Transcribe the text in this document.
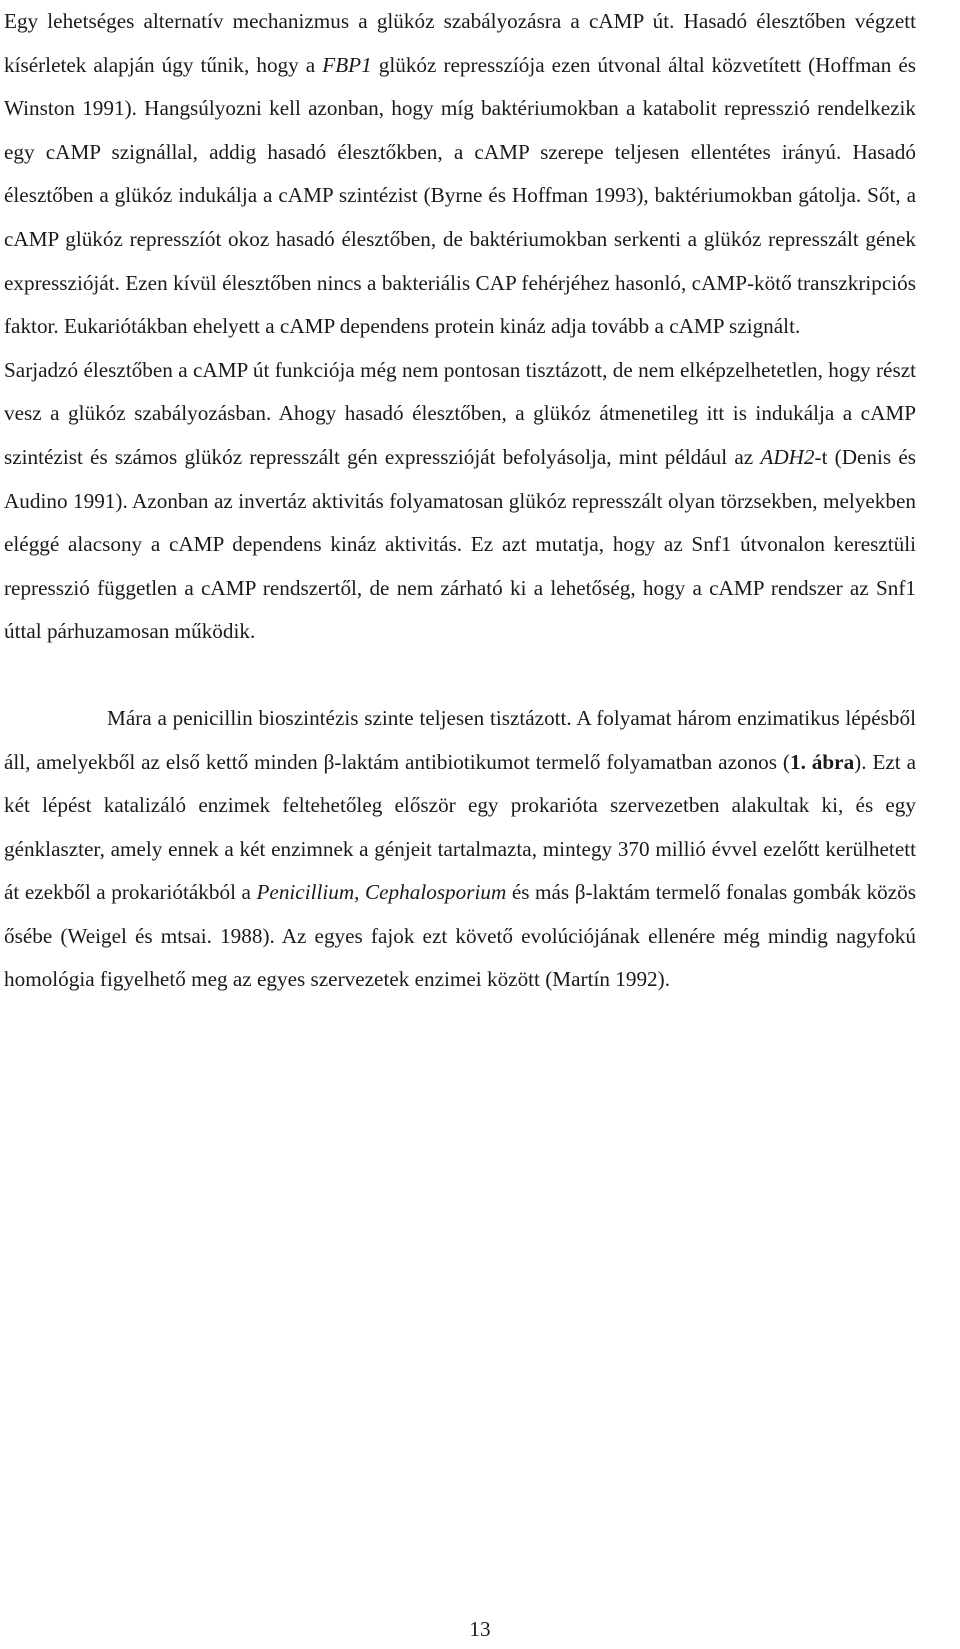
Egy lehetséges alternatív mechanizmus a glükóz szabályozásra a cAMP út. Hasadó élesztőben végzett kísérletek alapján úgy tűnik, hogy a FBP1 glükóz represszíója ezen útvonal által közvetített (Hoffman és Winston 1991). Hangsúlyozni kell azonban, hogy míg baktériumokban a katabolit represszió rendelkezik egy cAMP szignállal, addig hasadó élesztőkben, a cAMP szerepe teljesen ellentétes irányú. Hasadó élesztőben a glükóz indukálja a cAMP szintézist (Byrne és Hoffman 1993), baktériumokban gátolja. Sőt, a cAMP glükóz represszíót okoz hasadó élesztőben, de baktériumokban serkenti a glükóz represszált gének expresszióját. Ezen kívül élesztőben nincs a bakteriális CAP fehérjéhez hasonló, cAMP-kötő transzkripciós faktor. Eukariótákban ehelyett a cAMP dependens protein kináz adja tovább a cAMP szignált.

Sarjadzó élesztőben a cAMP út funkciója még nem pontosan tisztázott, de nem elképzelhetetlen, hogy részt vesz a glükóz szabályozásban. Ahogy hasadó élesztőben, a glükóz átmenetileg itt is indukálja a cAMP szintézist és számos glükóz represszált gén expresszióját befolyásolja, mint például az ADH2-t (Denis és Audino 1991). Azonban az invertáz aktivitás folyamatosan glükóz represszált olyan törzsekben, melyekben eléggé alacsony a cAMP dependens kináz aktivitás. Ez azt mutatja, hogy az Snf1 útvonalon keresztüli represszió független a cAMP rendszertől, de nem zárható ki a lehetőség, hogy a cAMP rendszer az Snf1 úttal párhuzamosan működik.

Mára a penicillin bioszintézis szinte teljesen tisztázott. A folyamat három enzimatikus lépésből áll, amelyekből az első kettő minden β-laktám antibiotikumot termelő folyamatban azonos (1. ábra). Ezt a két lépést katalizáló enzimek feltehetőleg először egy prokarióta szervezetben alakultak ki, és egy génklaszter, amely ennek a két enzimnek a génjeit tartalmazta, mintegy 370 millió évvel ezelőtt kerülhetett át ezekből a prokariótákból a Penicillium, Cephalosporium és más β-laktám termelő fonalas gombák közös ősébe (Weigel és mtsai. 1988). Az egyes fajok ezt követő evolúciójának ellenére még mindig nagyfokú homológia figyelhető meg az egyes szervezetek enzimei között (Martín 1992).

13
